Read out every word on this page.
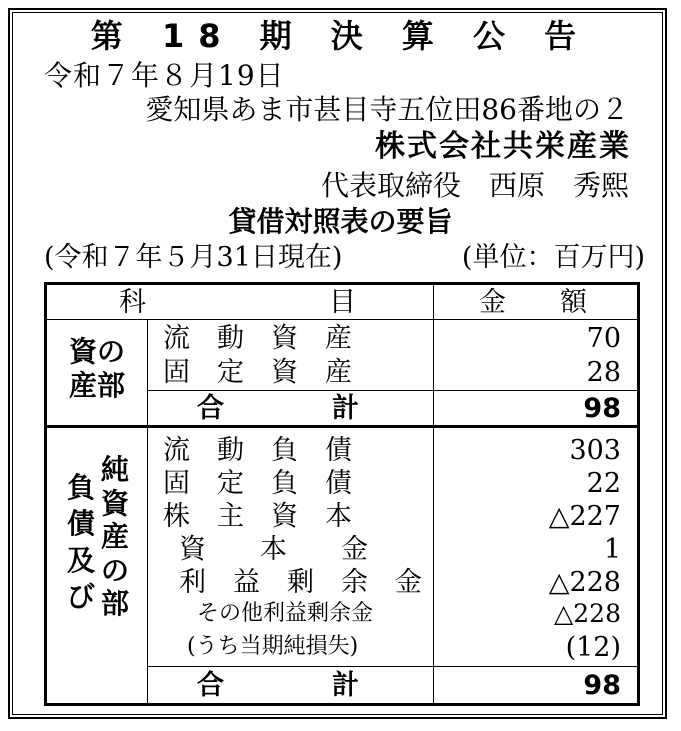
第 18 期 決 算 公 告
令和７年８月19日
愛知県あま市甚目寺五位田86番地の２
株式会社共栄産業
代表取締役 西原　秀熙
貸借対照表の要旨
(令和７年５月31日現在)	(単位：百万円)
科	目	金　　額
資の
産部
流　動　資　産	70
固　定　資　産	28
合　　　　計	98
負
債
及
び
純
資
産
の
部
流　動　負　債	303
固　定　負　債	22
株　主　資　本	△227
資　　本　　金	1
利　益　剰　余　金	△228
その他利益剰余金	△228
(うち当期純損失)	(12)
合　　　　計	98
